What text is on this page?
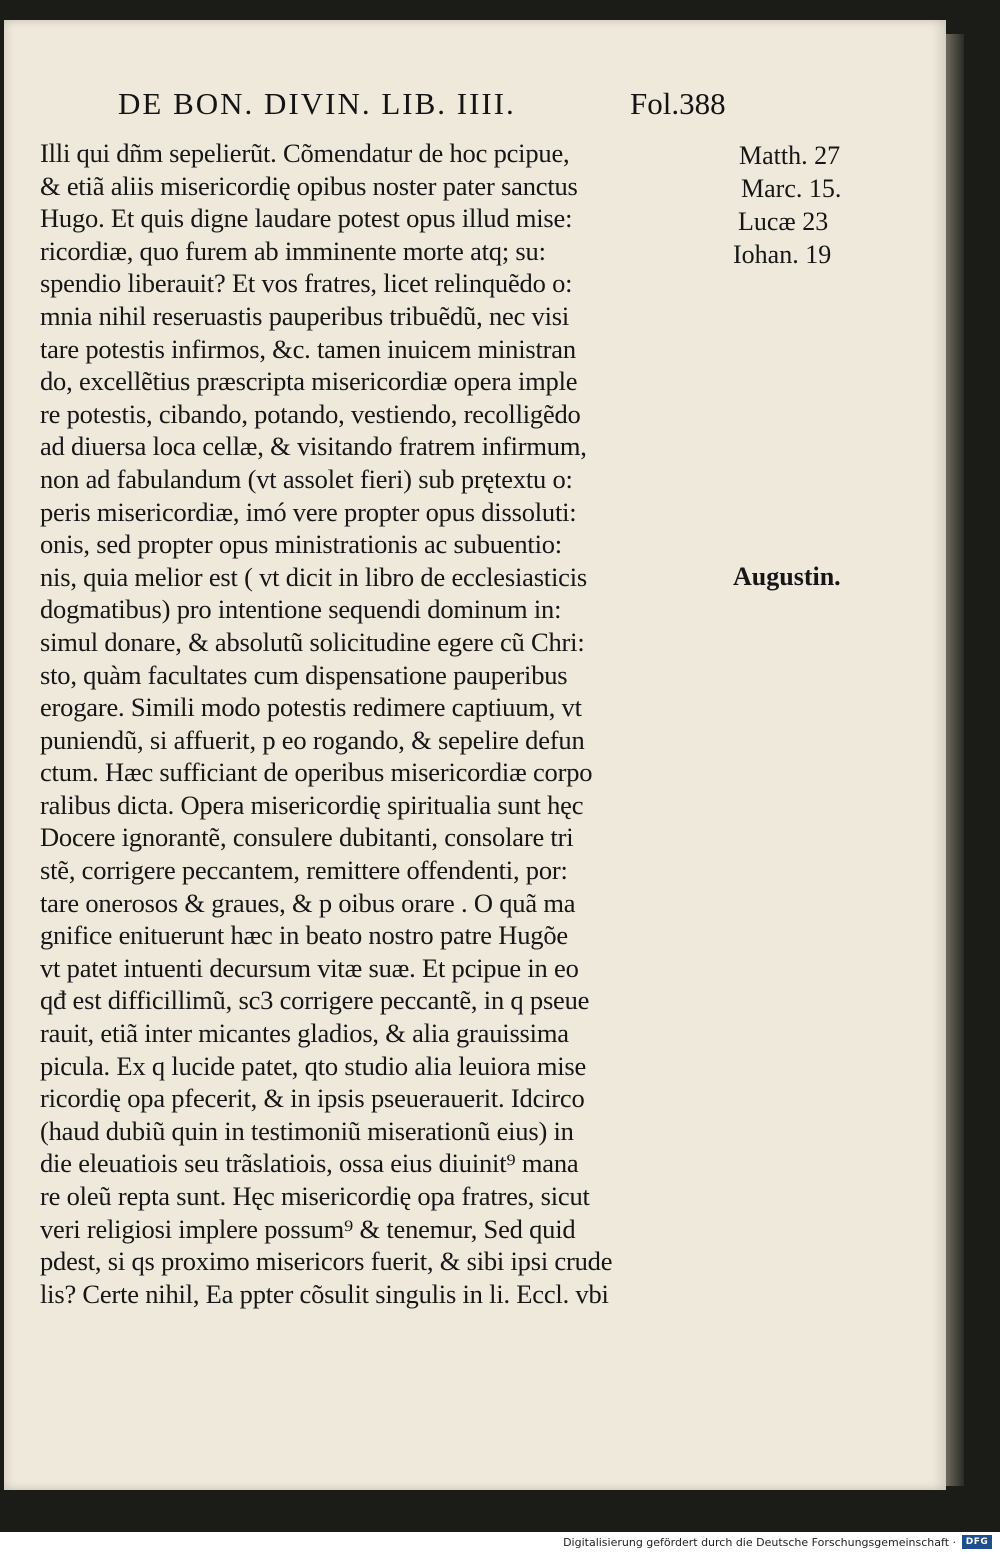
DE BON. DIVIN. LIB. IIII.	Fol.388
Illi qui dñm sepelierũt. Cõmendatur de hoc pcipue,
& etiã aliis misericordię opibus noster pater sanctus
Hugo. Et quis digne laudare potest opus illud mise:
ricordiæ, quo furem ab imminente morte atq; su:
spendio liberauit? Et vos fratres, licet relinquẽdo o:
mnia nihil reseruastis pauperibus tribuẽdũ, nec visi
tare potestis infirmos, &c. tamen inuicem ministran
do, excellẽtius præscripta misericordiæ opera imple
re potestis, cibando, potando, vestiendo, recolligẽdo
ad diuersa loca cellæ, & visitando fratrem infirmum,
non ad fabulandum (vt assolet fieri) sub prętextu o:
peris misericordiæ, imó vere propter opus dissoluti:
onis, sed propter opus ministrationis ac subuentio:
nis, quia melior est ( vt dicit in libro de ecclesiasticis
dogmatibus) pro intentione sequendi dominum in:
simul donare, & absolutũ solicitudine egere cũ Chri:
sto, quàm facultates cum dispensatione pauperibus
erogare. Simili modo potestis redimere captiuum, vt
puniendũ, si affuerit, p eo rogando, & sepelire defun
ctum. Hæc sufficiant de operibus misericordiæ corpo
ralibus dicta. Opera misericordię spiritualia sunt hęc
Docere ignorantẽ, consulere dubitanti, consolare tri
stẽ, corrigere peccantem, remittere offendenti, por:
tare onerosos & graues, & p oibus orare . O quã ma
gnifice enituerunt hæc in beato nostro patre Hugõe
vt patet intuenti decursum vitæ suæ. Et pcipue in eo
qđ est difficillimũ, sc3 corrigere peccantẽ, in q pseue
rauit, etiã inter micantes gladios, & alia grauissima
picula. Ex q lucide patet, qto studio alia leuiora mise
ricordię opa pfecerit, & in ipsis pseuerauerit. Idcirco
(haud dubiũ quin in testimoniũ miserationũ eius) in
die eleuatiois seu trãslatiois, ossa eius diuinit⁹ mana
re oleũ repta sunt. Hęc misericordię opa fratres, sicut
veri religiosi implere possum⁹ & tenemur, Sed quid
pdest, si qs proximo misericors fuerit, & sibi ipsi crude
lis? Certe nihil, Ea ppter cõsulit singulis in li. Eccl. vbi
Matth. 27
Marc. 15.
Lucæ 23
Iohan. 19
Augustin.
Digitalisierung gefördert durch die Deutsche Forschungsgemeinschaft ·	DFG
